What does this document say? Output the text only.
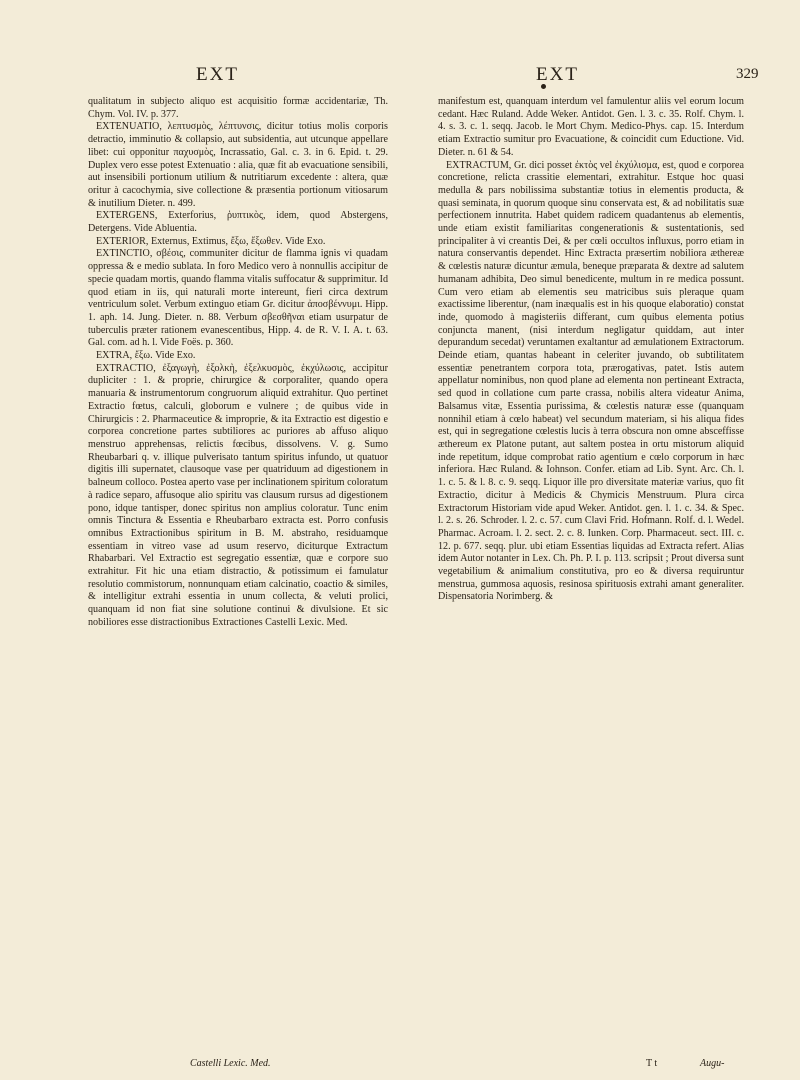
EXT	EXT	329

qualitatum in subjecto aliquo est acquisitio formæ accidentariæ, Th. Chym. Vol. IV. p. 377.

EXTENUATIO, λεπτυσμὸς, λέπτυνσις, dicitur totius molis corporis detractio, imminutio & collapsio, aut subsidentia, aut utcunque appellare libet: cui opponitur παχυσμὸς, Incrassatio, Gal. c. 3. in 6. Epid. t. 29. Duplex vero esse potest Extenuatio : alia, quæ fit ab evacuatione sensibili, aut insensibili portionum utilium & nutritiarum excedente : altera, quæ oritur à cacochymia, sive collectione & præsentia portionum vitiosarum & inutilium Dieter. n. 499.

EXTERGENS, Exterforius, ῥυπτικὸς, idem, quod Abstergens, Detergens. Vide Abluentia.

EXTERIOR, Externus, Extimus, ἔξω, ἔξωθεν. Vide Exo.

EXTINCTIO, σβέσις, communiter dicitur de flamma ignis vi quadam oppressa & e medio sublata. In foro Medico vero à nonnullis accipitur de specie quadam mortis, quando flamma vitalis suffocatur & supprimitur. Id quod etiam in iis, qui naturali morte intereunt, fieri circa dextrum ventriculum solet. Verbum extinguo etiam Gr. dicitur ἀποσβέννυμι. Hipp. 1. aph. 14. Jung. Dieter. n. 88. Verbum σβεσθῆναι etiam usurpatur de tuberculis præter rationem evanescentibus, Hipp. 4. de R. V. I. A. t. 63. Gal. com. ad h. l. Vide Foës. p. 360.

EXTRA, ἔξω. Vide Exo.

EXTRACTIO, ἐξαγωγὴ, ἐξολκὴ, ἐξελκυσμὸς, ἐκχύλωσις, accipitur dupliciter : 1. & proprie, chirurgice & corporaliter, quando opera manuaria & instrumentorum congruorum aliquid extrahitur. Quo pertinet Extractio fœtus, calculi, globorum e vulnere ; de quibus vide in Chirurgicis : 2. Pharmaceutice & improprie, & ita Extractio est digestio e corporea concretione partes subtiliores ac puriores ab affuso aliquo menstruo apprehensas, relictis fœcibus, dissolvens. V. g. Sumo Rheubarbari q. v. illique pulverisato tantum spiritus infundo, ut quatuor digitis illi supernatet, clausoque vase per quatriduum ad digestionem in balneum colloco. Postea aperto vase per inclinationem spiritum coloratum à radice separo, affusoque alio spiritu vas clausum rursus ad digestionem pono, idque tantisper, donec spiritus non amplius coloratur. Tunc enim omnis Tinctura & Essentia e Rheubarbaro extracta est. Porro confusis omnibus Extractionibus spiritum in B. M. abstraho, residuamque essentiam in vitreo vase ad usum reservo, diciturque Extractum Rhabarbari. Vel Extractio est segregatio essentiæ, quæ e corpore suo extrahitur. Fit hic una etiam distractio, & potissimum ei famulatur resolutio commistorum, nonnunquam etiam calcinatio, coactio & similes, & intelligitur extrahi essentia in unum collecta, & veluti prolici, quanquam id non fiat sine solutione continui & divulsione. Et sic nobiliores esse distractionibus Extractiones Castelli Lexic. Med.

manifestum est, quanquam interdum vel famulentur aliis vel eorum locum cedant. Hæc Ruland. Adde Weker. Antidot. Gen. l. 3. c. 35. Rolf. Chym. l. 4. s. 3. c. 1. seqq. Jacob. le Mort Chym. Medico-Phys. cap. 15. Interdum etiam Extractio sumitur pro Evacuatione, & coincidit cum Eductione. Vid. Dieter. n. 61 & 54.

EXTRACTUM, Gr. dici posset ἐκτὸς vel ἐκχύλισμα, est, quod e corporea concretione, relicta crassitie elementari, extrahitur. Estque hoc quasi medulla & pars nobilissima substantiæ totius in elementis producta, & quasi seminata, in quorum quoque sinu conservata est, & ad nobilitatis suæ perfectionem innutrita. Habet quidem radicem quadantenus ab elementis, unde etiam existit familiaritas congenerationis & sustentationis, sed principaliter à vi creantis Dei, & per cœli occultos influxus, porro etiam in natura conservantis dependet. Hinc Extracta præsertim nobiliora æthereæ & cœlestis naturæ dicuntur æmula, beneque præparata & dextre ad salutem humanam adhibita, Deo simul benedicente, multum in re medica possunt. Cum vero etiam ab elementis seu matricibus suis pleraque quam exactissime liberentur, (nam inæqualis est in his quoque elaboratio) constat inde, quomodo à magisteriis differant, cum quibus elementa potius conjuncta manent, (nisi interdum negligatur quiddam, aut inter depurandum secedat) veruntamen exaltantur ad æmulationem Extractorum. Deinde etiam, quantas habeant in celeriter juvando, ob subtilitatem essentiæ penetrantem corpora tota, prærogativas, patet. Istis autem appellatur nominibus, non quod plane ad elementa non pertineant Extracta, sed quod in collatione cum parte crassa, nobilis altera videatur Anima, Balsamus vitæ, Essentia purissima, & cœlestis naturæ esse (quanquam nonnihil etiam à cœlo habeat) vel secundum materiam, si his aliqua fides est, qui in segregatione cœlestis lucis à terra obscura non omne absceffisse æthereum ex Platone putant, aut saltem postea in ortu mistorum aliquid inde repetitum, idque comprobat ratio agentium e cœlo corporum in hæc inferiora. Hæc Ruland. & Iohnson. Confer. etiam ad Lib. Synt. Arc. Ch. l. 1. c. 5. & l. 8. c. 9. seqq. Liquor ille pro diversitate materiæ varius, quo fit Extractio, dicitur à Medicis & Chymicis Menstruum. Plura circa Extractorum Historiam vide apud Weker. Antidot. gen. l. 1. c. 34. & Spec. l. 2. s. 26. Schroder. l. 2. c. 57. cum Clavi Frid. Hofmann. Rolf. d. l. Wedel. Pharmac. Acroam. l. 2. sect. 2. c. 8. Iunken. Corp. Pharmaceut. sect. III. c. 12. p. 677. seqq. plur. ubi etiam Essentias liquidas ad Extracta refert. Alias idem Autor notanter in Lex. Ch. Ph. P. I. p. 113. scripsit ; Prout diversa sunt vegetabilium & animalium constitutiva, pro eo & diversa requiruntur menstrua, gummosa aquosis, resinosa spirituosis extrahi amant generaliter. Dispensatoria Norimberg. &

Castelli Lexic. Med.	T t	Augu-
